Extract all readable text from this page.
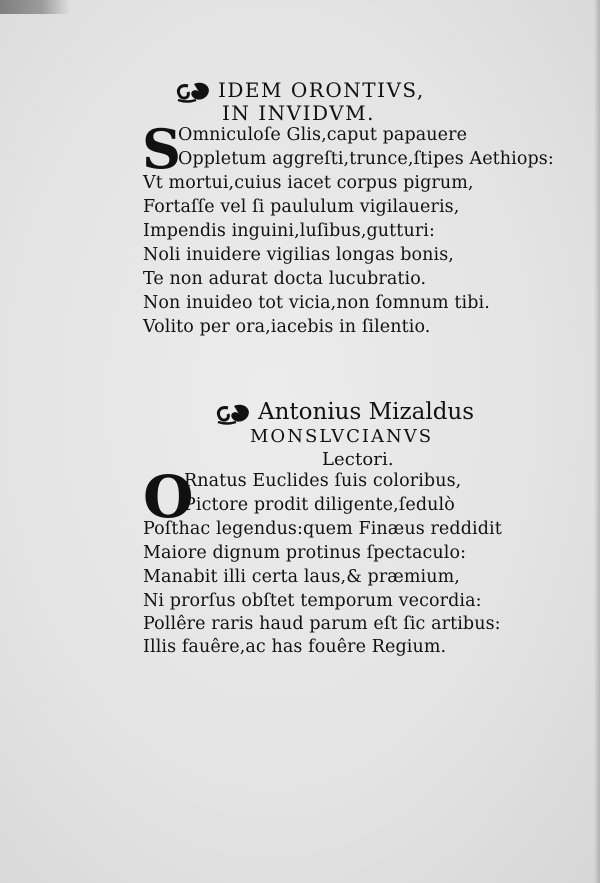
IDEM ORONTIVS,
IN INVIDVM.
S
Omniculoſe Glis,caput papauere
Oppletum aggreſti,trunce,ſtipes Aethiops:
Vt mortui,cuius iacet corpus pigrum,
Fortaſſe vel ſi paululum vigilaueris,
Impendis inguini,luſibus,gutturi:
Noli inuidere vigilias longas bonis,
Te non adurat docta lucubratio.
Non inuideo tot vicia,non ſomnum tibi.
Volito per ora,iacebis in ſilentio.
Antonius Mizaldus
MONSLVCIANVS
Lectori.
O
Rnatus Euclides ſuis coloribus,
Pictore prodit diligente,ſedulò
Poſthac legendus:quem Finæus reddidit
Maiore dignum protinus ſpectaculo:
Manabit illi certa laus,& præmium,
Ni prorſus obſtet temporum vecordia:
Pollêre raris haud parum eſt ſic artibus:
Illis fauêre,ac has fouêre Regium.
